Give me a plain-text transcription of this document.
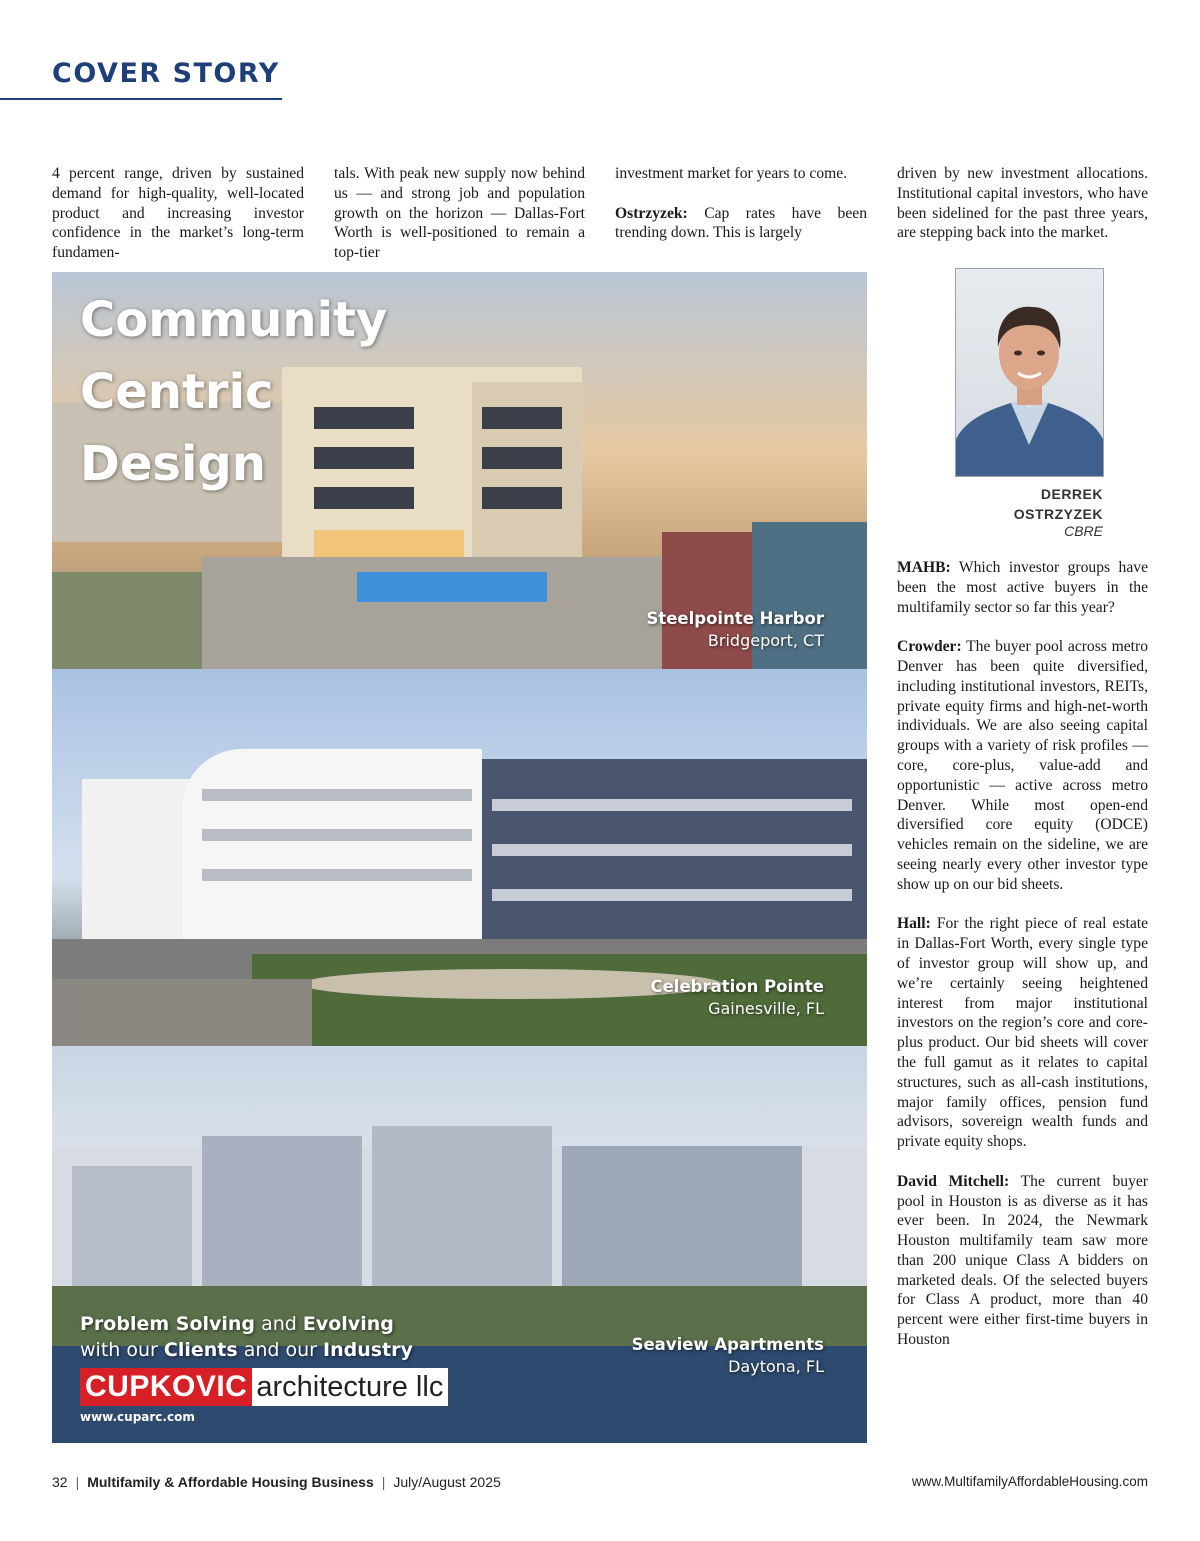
COVER STORY

4 percent range, driven by sustained demand for high-quality, well-located product and increasing investor confidence in the market’s long-term fundamen-

tals. With peak new supply now behind us — and strong job and population growth on the horizon — Dallas-Fort Worth is well-positioned to remain a top-tier

investment market for years to come.

Ostrzyzek: Cap rates have been trending down. This is largely

driven by new investment allocations. Institutional capital investors, who have been sidelined for the past three years, are stepping back into the market.

DERREK
OSTRZYZEK
CBRE

MAHB: Which investor groups have been the most active buyers in the multifamily sector so far this year?

Crowder: The buyer pool across metro Denver has been quite diversified, including institutional investors, REITs, private equity firms and high-net-worth individuals. We are also seeing capital groups with a variety of risk profiles — core, core-plus, value-add and opportunistic — active across metro Denver. While most open-end diversified core equity (ODCE) vehicles remain on the sideline, we are seeing nearly every other investor type show up on our bid sheets.

Hall: For the right piece of real estate in Dallas-Fort Worth, every single type of investor group will show up, and we’re certainly seeing heightened interest from major institutional investors on the region’s core and core-plus product. Our bid sheets will cover the full gamut as it relates to capital structures, such as all-cash institutions, major family offices, pension fund advisors, sovereign wealth funds and private equity shops.

David Mitchell: The current buyer pool in Houston is as diverse as it has ever been. In 2024, the Newmark Houston multifamily team saw more than 200 unique Class A bidders on marketed deals. Of the selected buyers for Class A product, more than 40 percent were either first-time buyers in Houston

Community
Centric
Design
Steelpointe Harbor
Bridgeport, CT
Celebration Pointe
Gainesville, FL
Seaview Apartments
Daytona, FL
Problem Solving and Evolving
with our Clients and our Industry
CUPKOVIC architecture llc
www.cuparc.com
32 | Multifamily & Affordable Housing Business | July/August 2025	www.MultifamilyAffordableHousing.com
